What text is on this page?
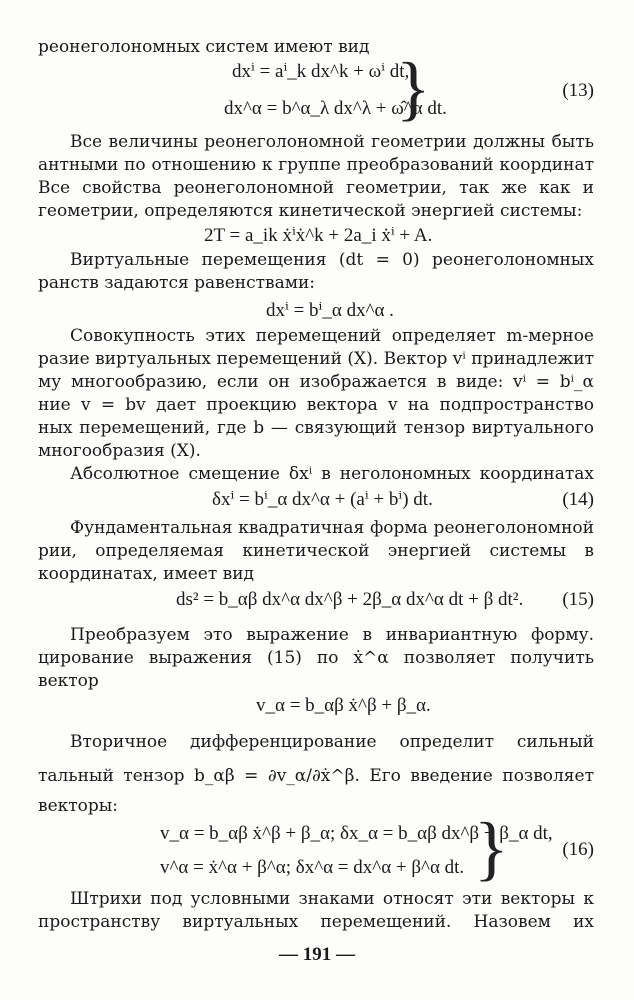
реонеголономных систем имеют вид
dxⁱ = aⁱ_k dx^k + ωⁱ dt,
dx^α = b^α_λ dx^λ + ω̂^α dt.
}	(13)
Все величины реонеголономной геометрии должны быть
антными по отношению к группе преобразований координат
Все свойства реонеголономной геометрии, так же как и
геометрии, определяются кинетической энергией системы:
2T = a_ik ẋⁱẋ^k + 2a_i ẋⁱ + A.
Виртуальные перемещения (dt = 0) реонеголономных
ранств задаются равенствами:
dxⁱ = bⁱ_α dx^α .
Совокупность этих перемещений определяет m-мерное
разие виртуальных перемещений (X). Вектор vⁱ принадлежит
му многообразию, если он изображается в виде: vⁱ = bⁱ_α
ние v = bv дает проекцию вектора v на подпространство
ных перемещений, где b — связующий тензор виртуального
многообразия (X).
Абсолютное смещение δxⁱ в неголономных координатах
δxⁱ = bⁱ_α dx^α + (aⁱ + bⁱ) dt.	(14)
Фундаментальная квадратичная форма реонеголономной
рии, определяемая кинетической энергией системы в
координатах, имеет вид
ds² = b_αβ dx^α dx^β + 2β_α dx^α dt + β dt².	(15)
Преобразуем это выражение в инвариантную форму.
цирование выражения (15) по ẋ^α позволяет получить
вектор
v_α = b_αβ ẋ^β + β_α.
Вторичное дифференцирование определит сильный
тальный тензор b_αβ = ∂v_α/∂ẋ^β. Его введение позволяет
векторы:
v_α = b_αβ ẋ^β + β_α; δx_α = b_αβ dx^β + β_α dt,
v^α = ẋ^α + β^α; δx^α = dx^α + β^α dt. }	(16)
Штрихи под условными знаками относят эти векторы к
пространству виртуальных перемещений. Назовем их
— 191 —
